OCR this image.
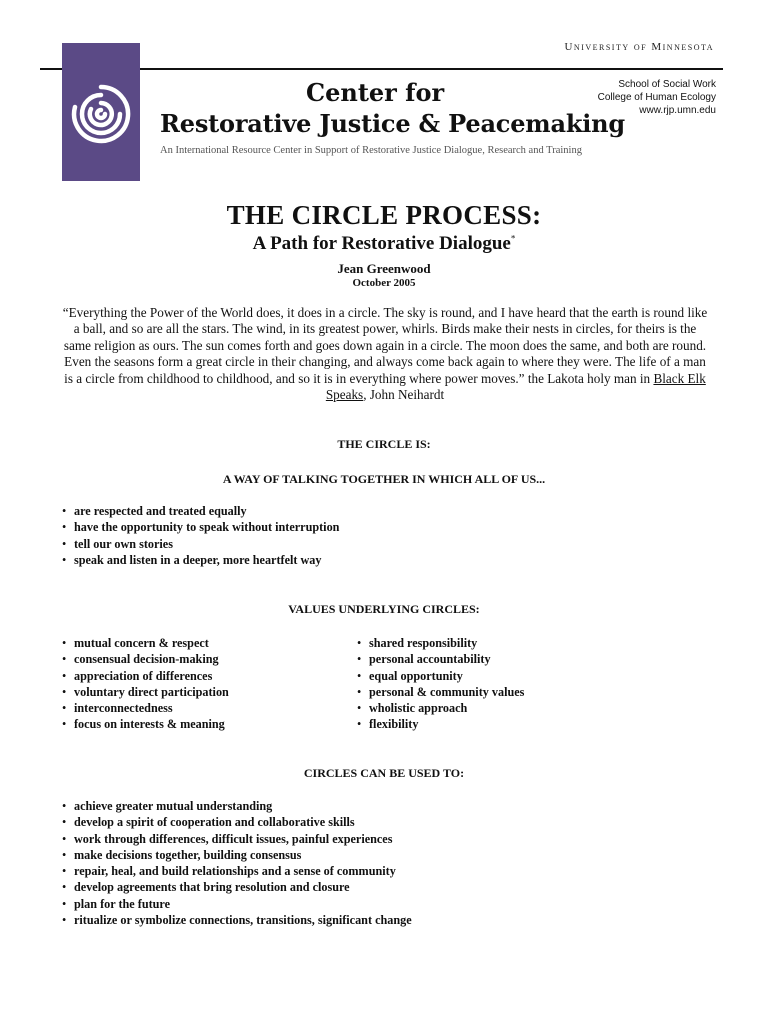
University of Minnesota
Center for
Restorative Justice & Peacemaking
An International Resource Center in Support of Restorative Justice Dialogue, Research and Training
School of Social Work
College of Human Ecology
www.rjp.umn.edu
THE CIRCLE PROCESS:
A Path for Restorative Dialogue*
Jean Greenwood
October 2005
“Everything the Power of the World does, it does in a circle. The sky is round, and I have heard that the earth is round like a ball, and so are all the stars. The wind, in its greatest power, whirls. Birds make their nests in circles, for theirs is the same religion as ours. The sun comes forth and goes down again in a circle. The moon does the same, and both are round. Even the seasons form a great circle in their changing, and always come back again to where they were. The life of a man is a circle from childhood to childhood, and so it is in everything where power moves.” the Lakota holy man in Black Elk Speaks, John Neihardt
THE CIRCLE IS:
A WAY OF TALKING TOGETHER IN WHICH ALL OF US...
• are respected and treated equally
• have the opportunity to speak without interruption
• tell our own stories
• speak and listen in a deeper, more heartfelt way
VALUES UNDERLYING CIRCLES:
• mutual concern & respect
• consensual decision-making
• appreciation of differences
• voluntary direct participation
• interconnectedness
• focus on interests & meaning
• shared responsibility
• personal accountability
• equal opportunity
• personal & community values
• wholistic approach
• flexibility
CIRCLES CAN BE USED TO:
• achieve greater mutual understanding
• develop a spirit of cooperation and collaborative skills
• work through differences, difficult issues, painful experiences
• make decisions together, building consensus
• repair, heal, and build relationships and a sense of community
• develop agreements that bring resolution and closure
• plan for the future
• ritualize or symbolize connections, transitions, significant change
